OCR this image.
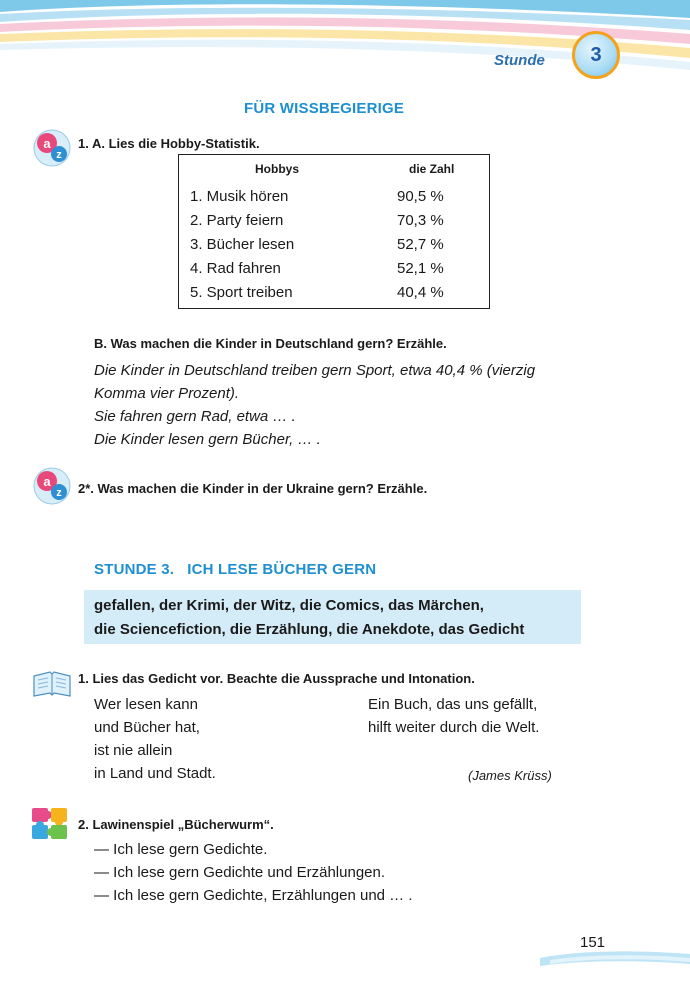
Stunde 3
FÜR WISSBEGIERIGE
a
z
1. A. Lies die Hobby-Statistik.
Hobbys	die Zahl
1. Musik hören	90,5 %
2. Party feiern	70,3 %
3. Bücher lesen	52,7 %
4. Rad fahren	52,1 %
5. Sport treiben	40,4 %
B. Was machen die Kinder in Deutschland gern? Erzähle.
Die Kinder in Deutschland treiben gern Sport, etwa 40,4 % (vierzig
Komma vier Prozent).
Sie fahren gern Rad, etwa … .
Die Kinder lesen gern Bücher, … .
a
z 2*. Was machen die Kinder in der Ukraine gern? Erzähle.
STUNDE 3.   ICH LESE BÜCHER GERN
gefallen, der Krimi, der Witz, die Comics, das Märchen,
die Sciencefiction, die Erzählung, die Anekdote, das Gedicht
1. Lies das Gedicht vor. Beachte die Aussprache und Intonation.
Wer lesen kann
und Bücher hat,
ist nie allein
in Land und Stadt.
Ein Buch, das uns gefällt,
hilft weiter durch die Welt.
(James Krüss)
2. Lawinenspiel „Bücherwurm“.
— Ich lese gern Gedichte.
— Ich lese gern Gedichte und Erzählungen.
— Ich lese gern Gedichte, Erzählungen und … .
151
